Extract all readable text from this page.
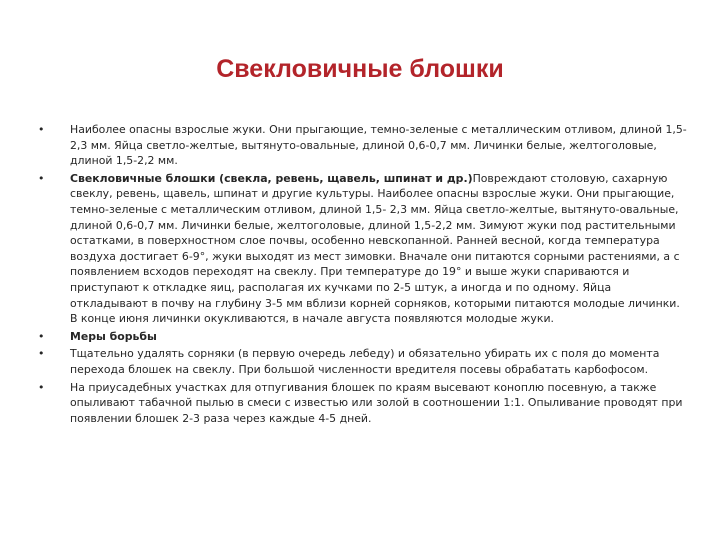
Свекловичные блошки
•	Наиболее опасны взрослые жуки. Они прыгающие, темно-зеленые с металлическим отливом, длиной 1,5- 2,3 мм. Яйца светло-желтые, вытянуто-овальные, длиной 0,6-0,7 мм. Личинки белые, желтоголовые, длиной 1,5-2,2 мм.
•	Свекловичные блошки (свекла, ревень, щавель, шпинат и др.)Повреждают столовую, сахарную свеклу, ревень, щавель, шпинат и другие культуры. Наиболее опасны взрослые жуки. Они прыгающие, темно-зеленые с металлическим отливом, длиной 1,5- 2,3 мм. Яйца светло-желтые, вытянуто-овальные, длиной 0,6-0,7 мм. Личинки белые, желтоголовые, длиной 1,5-2,2 мм. Зимуют жуки под растительными остатками, в поверхностном слое почвы, особенно невскопанной. Ранней весной, когда температура воздуха достигает 6-9°, жуки выходят из мест зимовки. Вначале они питаются сорными растениями, а с появлением всходов переходят на свеклу. При температуре до 19° и выше жуки спариваются и приступают к откладке яиц, располагая их кучками по 2-5 штук, а иногда и по одному. Яйца откладывают в почву на глубину 3-5 мм вблизи корней сорняков, которыми питаются молодые личинки. В конце июня личинки окукливаются, в начале августа появляются молодые жуки.
•	Меры борьбы
•	Тщательно удалять сорняки (в первую очередь лебеду) и обязательно убирать их с поля до момента перехода блошек на свеклу. При большой численности вредителя посевы обрабатать карбофосом.
•	На приусадебных участках для отпугивания блошек по краям высевают коноплю посевную, а также опыливают табачной пылью в смеси с известью или золой в соотношении 1:1. Опыливание проводят при появлении блошек 2-3 раза через каждые 4-5 дней.
